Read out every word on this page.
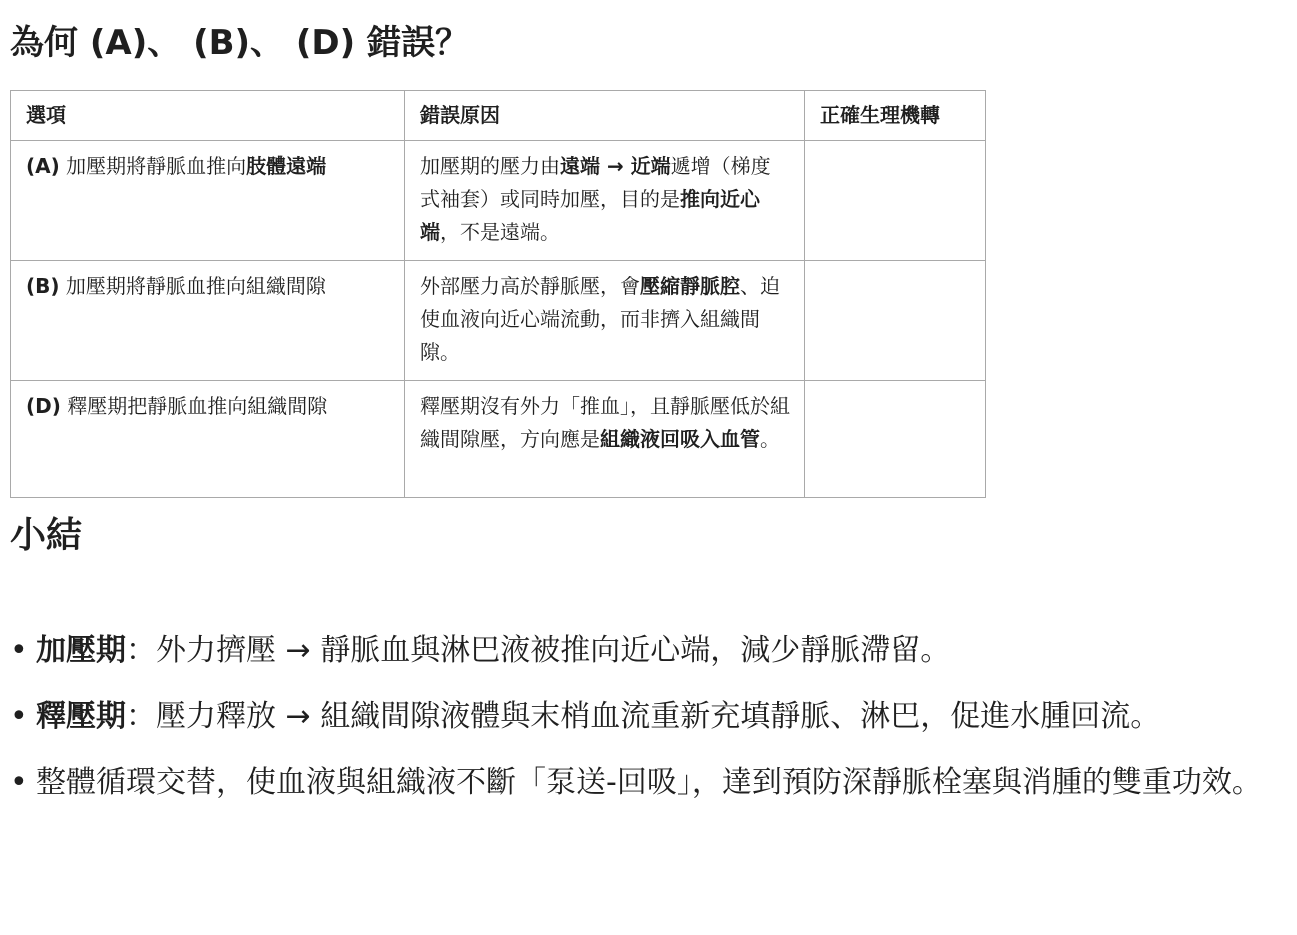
為何 (A)、 (B)、 (D) 錯誤？
選項	錯誤原因	正確生理機轉
(A) 加壓期將靜脈血推向肢體遠端	加壓期的壓力由遠端 → 近端遞增（梯度式袖套）或同時加壓，目的是推向近心端，不是遠端。	
(B) 加壓期將靜脈血推向組織間隙	外部壓力高於靜脈壓，會壓縮靜脈腔、迫使血液向近心端流動，而非擠入組織間隙。	
(D) 釋壓期把靜脈血推向組織間隙	釋壓期沒有外力「推血」，且靜脈壓低於組織間隙壓，方向應是組織液回吸入血管。	
小結
• 加壓期：外力擠壓 → 靜脈血與淋巴液被推向近心端，減少靜脈滯留。
• 釋壓期：壓力釋放 → 組織間隙液體與末梢血流重新充填靜脈、淋巴，促進水腫回流。
• 整體循環交替，使血液與組織液不斷「泵送-回吸」，達到預防深靜脈栓塞與消腫的雙重功效。
